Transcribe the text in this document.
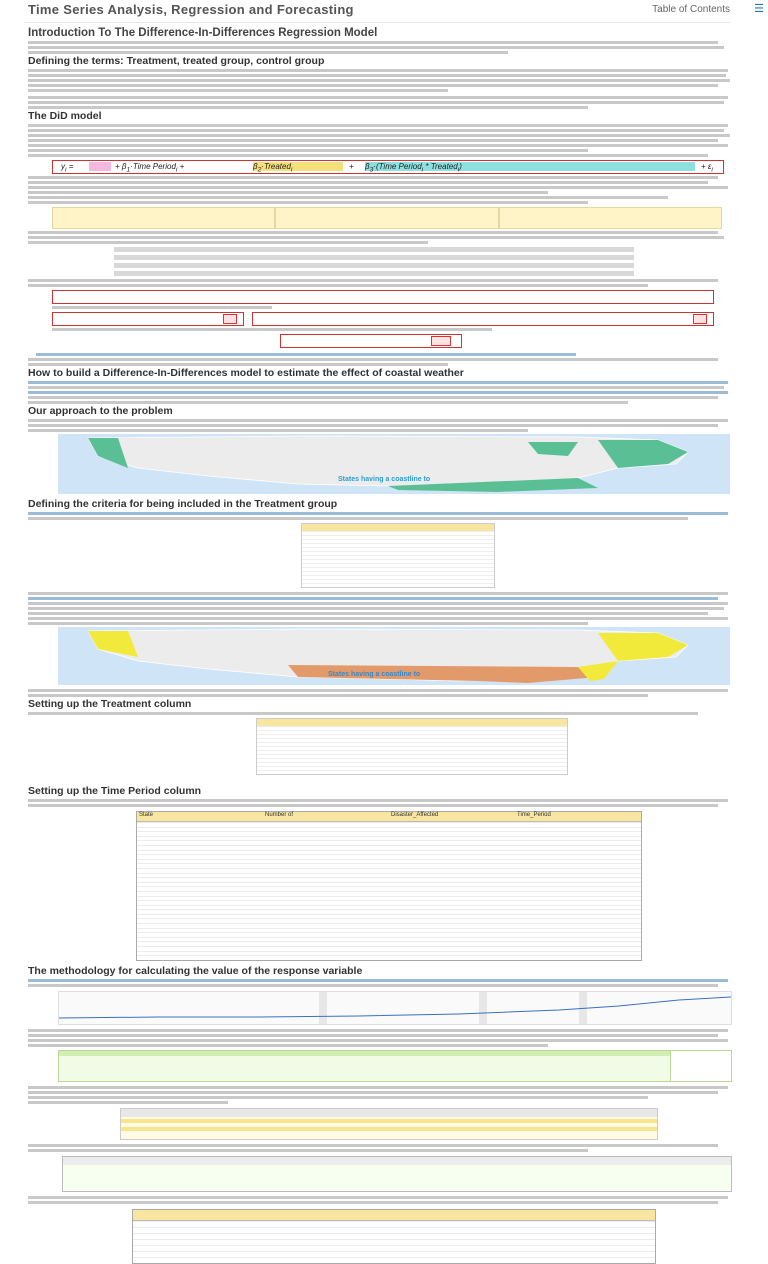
Time Series Analysis, Regression and Forecasting	Table of Contents ☰
Introduction To The Difference-In-Differences Regression Model
Defining the terms: Treatment, treated group, control group
The DiD model
$y_i$ =	+ $\beta_1\cdot Time$ Period$_i$ +	$\beta_2\cdot Treated_i$	+ $\beta_3\cdot(Time$ Period$_i$ * Treated$_i$)	+ $\varepsilon_i$
How to build a Difference-In-Differences model to estimate the effect of coastal weather
Our approach to the problem
States having a coastline to
Defining the criteria for being included in the Treatment group
States having a coastline to
Setting up the Treatment column
Setting up the Time Period column
State	Number of	Disaster_Affected	Time_Period
The methodology for calculating the value of the response variable
